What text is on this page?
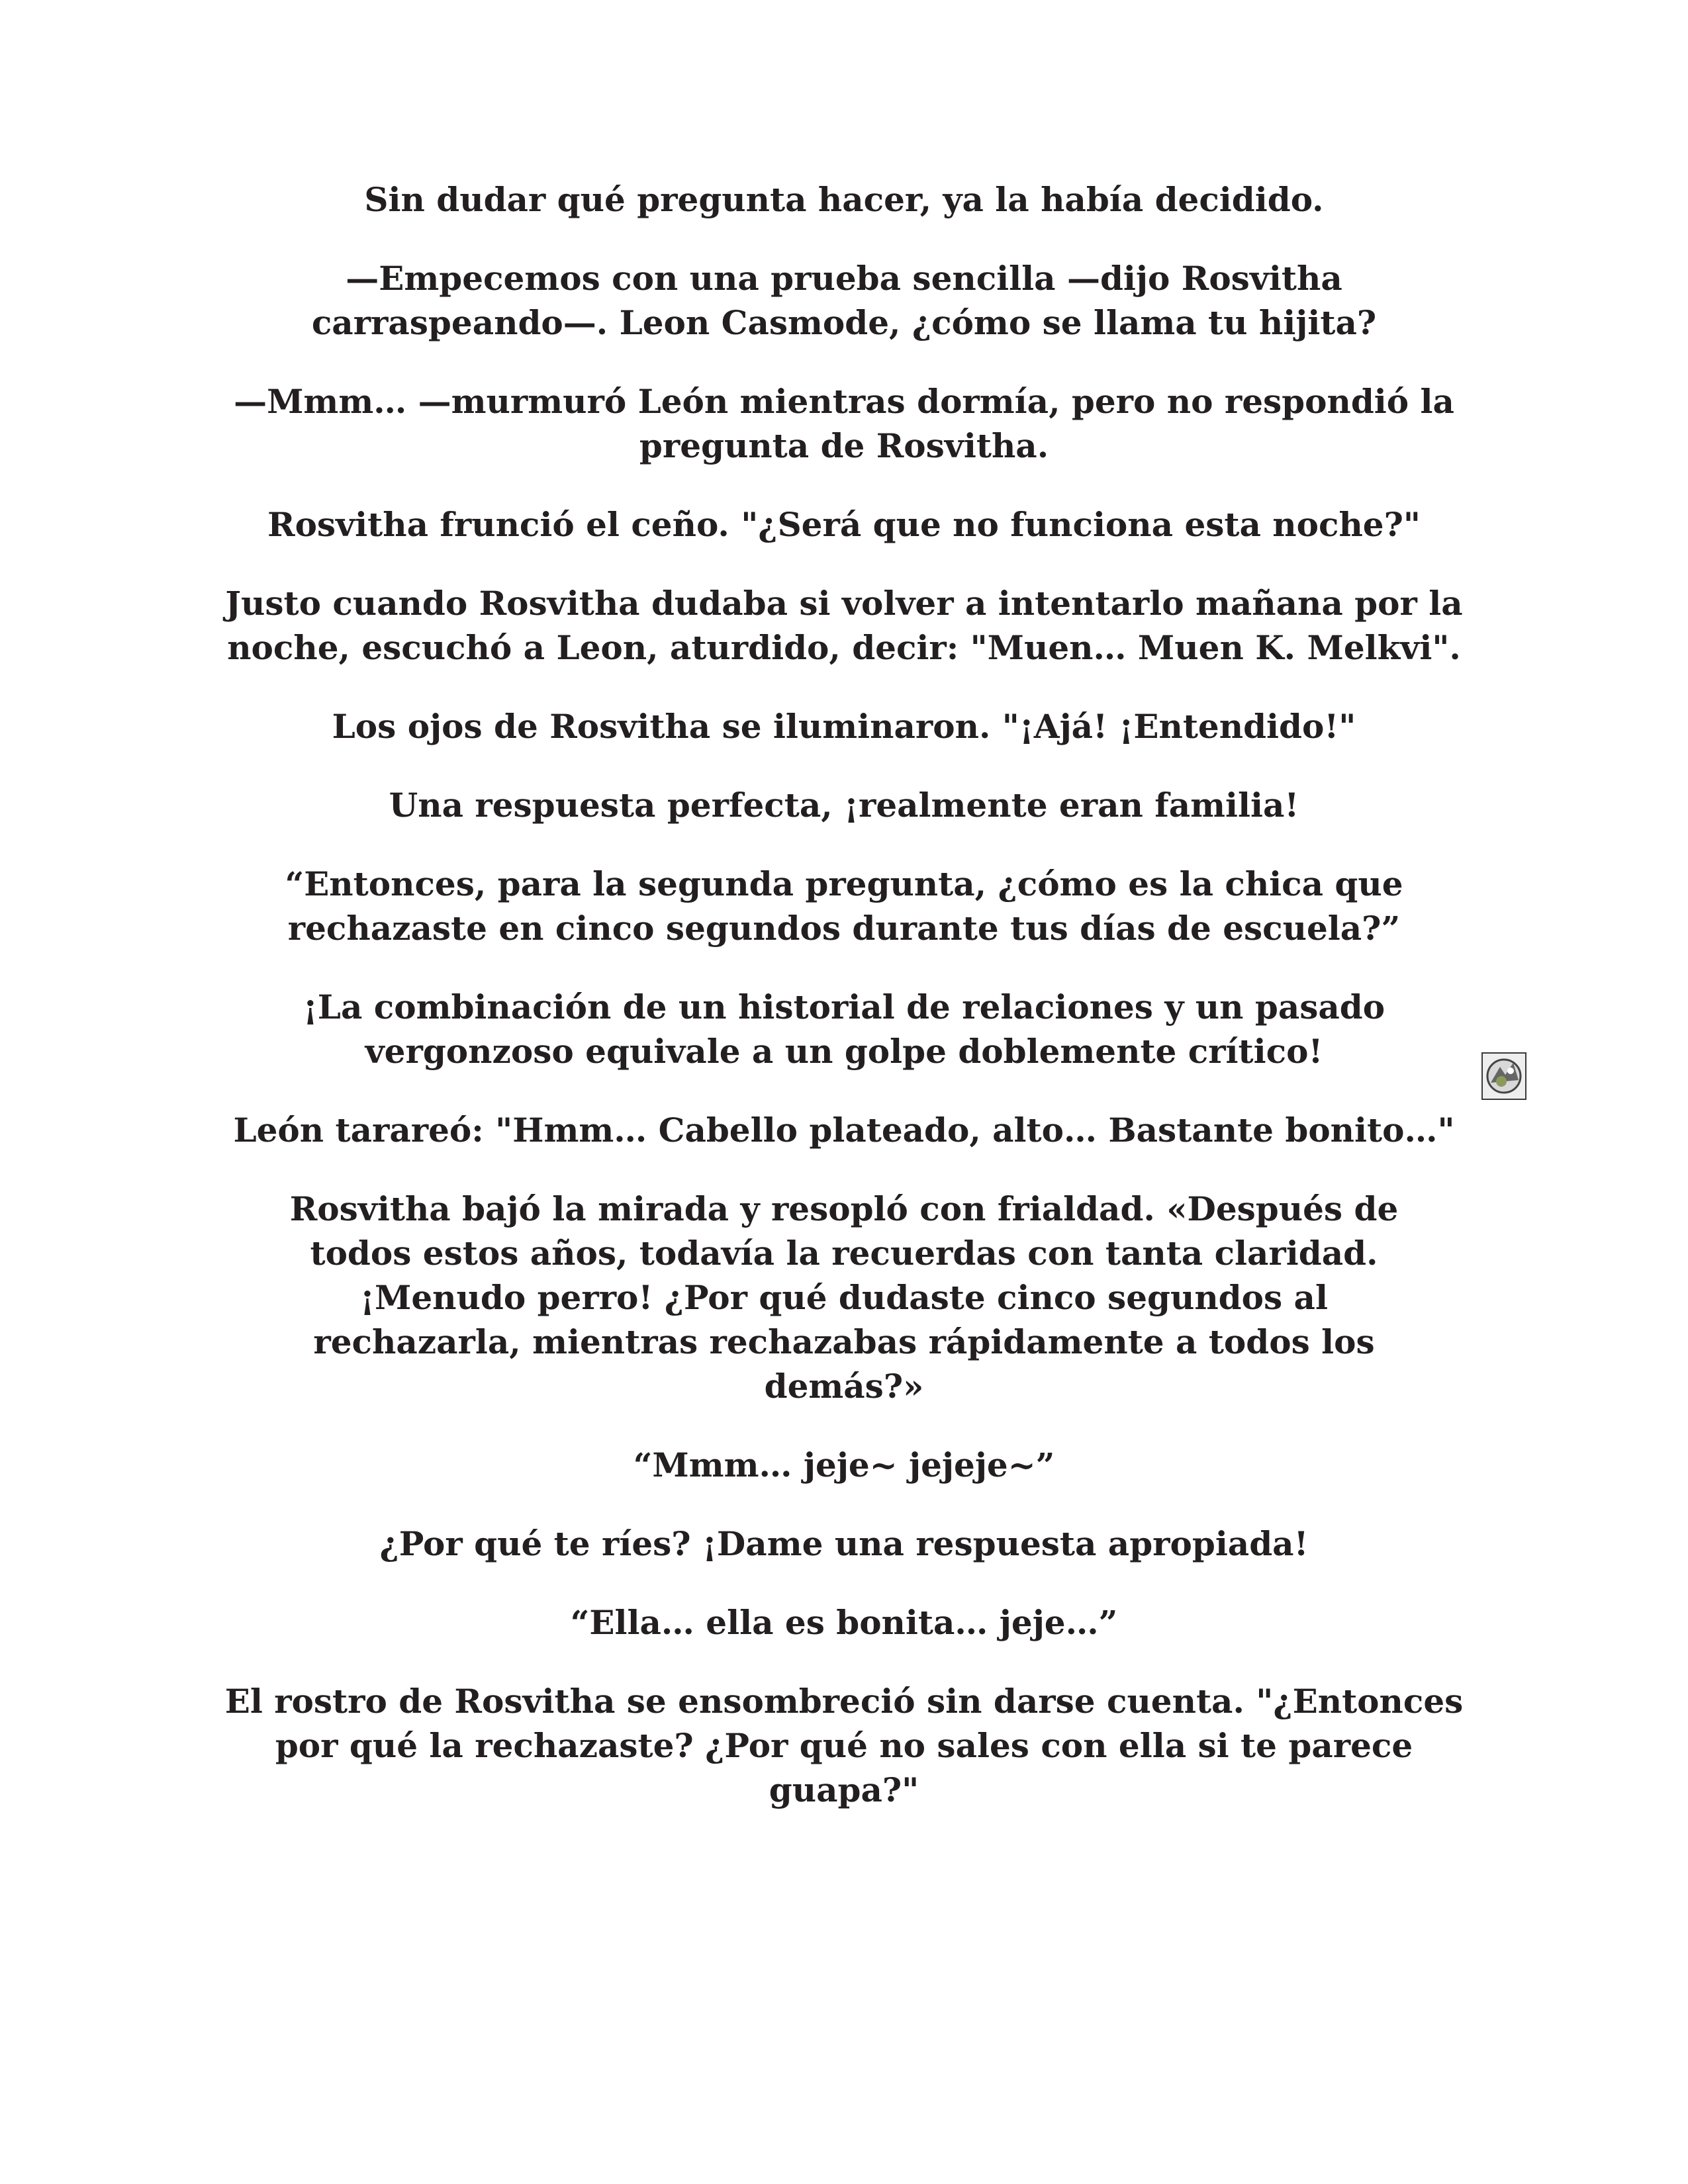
Sin dudar qué pregunta hacer, ya la había decidido.

—Empecemos con una prueba sencilla —dijo Rosvitha carraspeando—. Leon Casmode, ¿cómo se llama tu hijita?

—Mmm… —murmuró León mientras dormía, pero no respondió la pregunta de Rosvitha.

Rosvitha frunció el ceño. "¿Será que no funciona esta noche?"

Justo cuando Rosvitha dudaba si volver a intentarlo mañana por la noche, escuchó a Leon, aturdido, decir: "Muen… Muen K. Melkvi".

Los ojos de Rosvitha se iluminaron. "¡Ajá! ¡Entendido!"

Una respuesta perfecta, ¡realmente eran familia!

“Entonces, para la segunda pregunta, ¿cómo es la chica que rechazaste en cinco segundos durante tus días de escuela?”

¡La combinación de un historial de relaciones y un pasado vergonzoso equivale a un golpe doblemente crítico!

León tarareó: "Hmm… Cabello plateado, alto… Bastante bonito…"

Rosvitha bajó la mirada y resopló con frialdad. «Después de todos estos años, todavía la recuerdas con tanta claridad. ¡Menudo perro! ¿Por qué dudaste cinco segundos al rechazarla, mientras rechazabas rápidamente a todos los demás?»

“Mmm… jeje~ jejeje~”

¿Por qué te ríes? ¡Dame una respuesta apropiada!

“Ella… ella es bonita… jeje…”

El rostro de Rosvitha se ensombreció sin darse cuenta. "¿Entonces por qué la rechazaste? ¿Por qué no sales con ella si te parece guapa?"
